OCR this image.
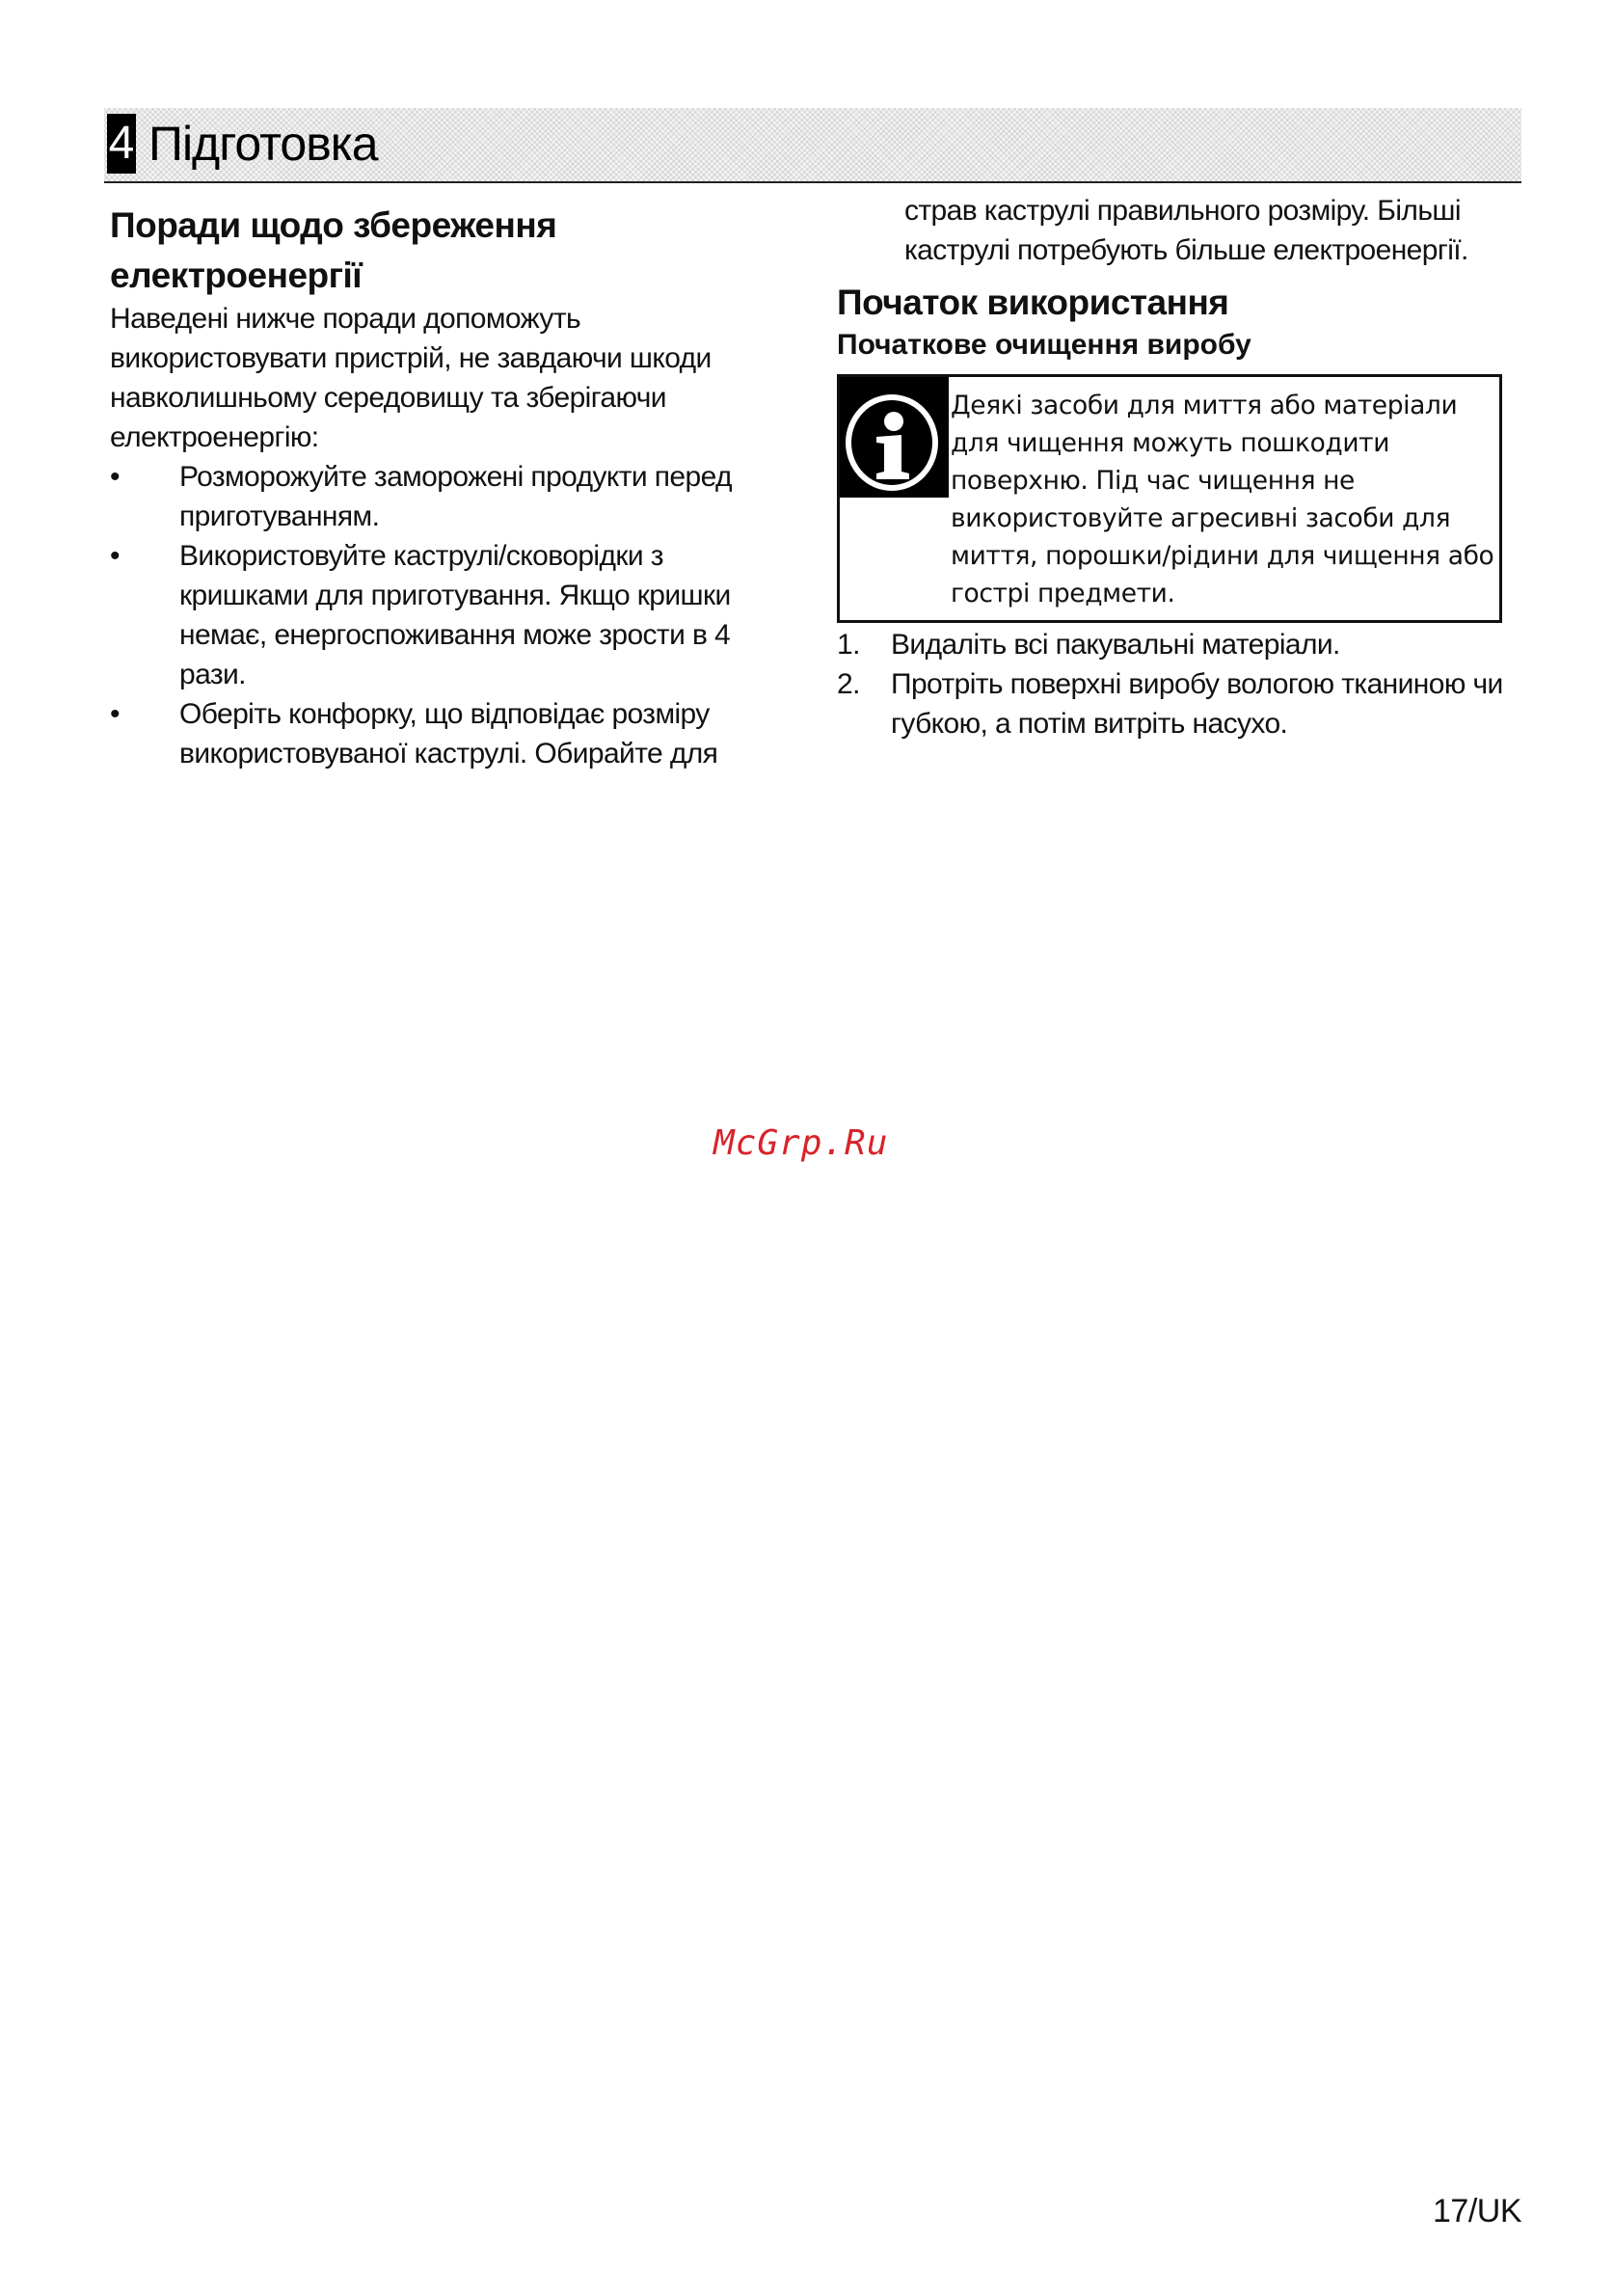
4 Підготовка
Поради щодо збереження
електроенергії

Наведені нижче поради допоможуть використовувати пристрій, не завдаючи шкоди навколишньому середовищу та зберігаючи електроенергію:

•	Розморожуйте заморожені продукти перед приготуванням.
•	Використовуйте каструлі/сковорідки з кришками для приготування. Якщо кришки немає, енергоспоживання може зрости в 4 рази.
•	Оберіть конфорку, що відповідає розміру використовуваної каструлі. Обирайте для

страв каструлі правильного розміру. Більші каструлі потребують більше електроенергії.

Початок використання
Початкове очищення виробу
Деякі засоби для миття або матеріали для чищення можуть пошкодити поверхню. Під час чищення не використовуйте агресивні засоби для миття, порошки/рідини для чищення або гострі предмети.
1. Видаліть всі пакувальні матеріали.
2. Протріть поверхні виробу вологою тканиною чи губкою, а потім витріть насухо.
McGrp.Ru
17/UK
